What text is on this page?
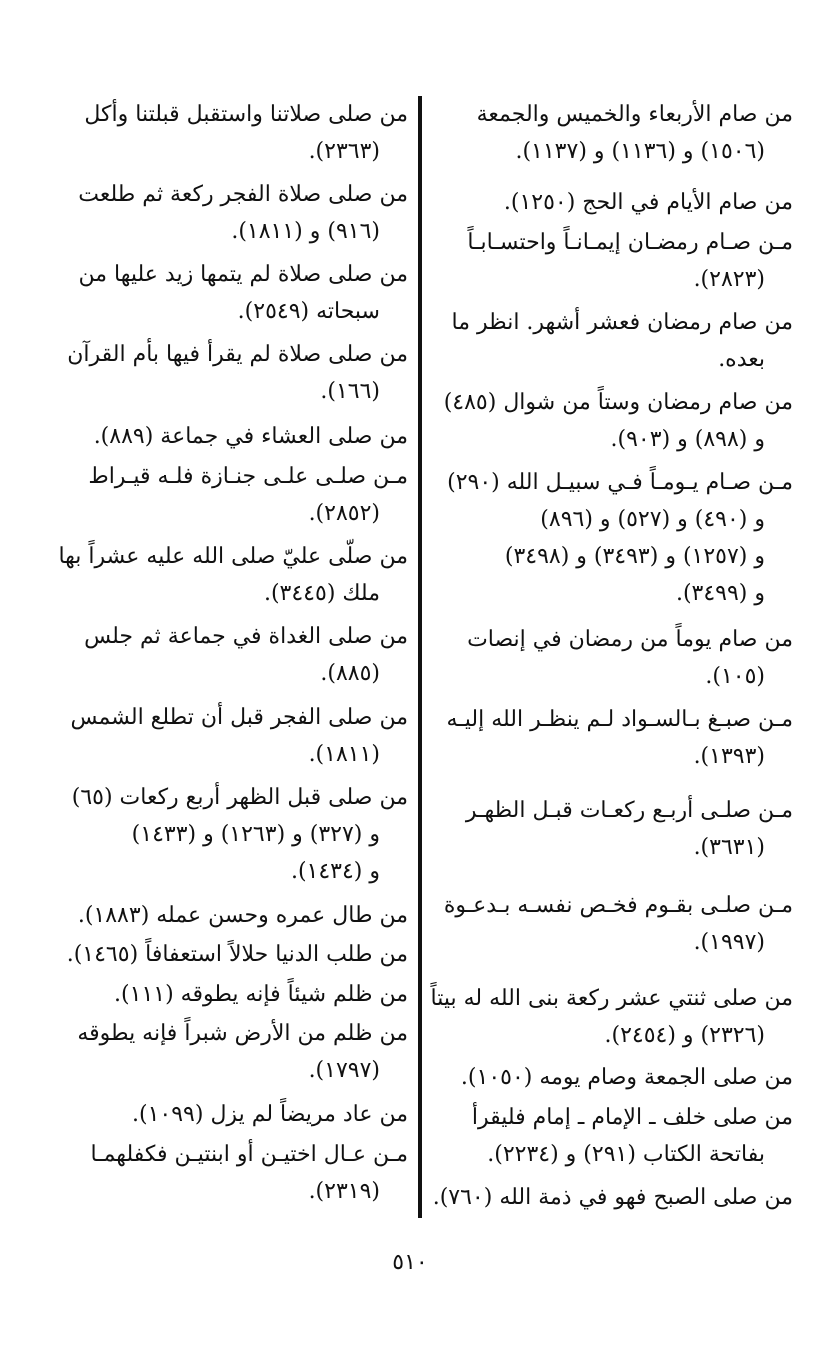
من صام الأربعاء والخميس والجمعة
(١٥٠٦) و (١١٣٦) و (١١٣٧).
من صام الأيام في الحج (١٢٥٠).
مـن صـام رمضـان إيمـانـاً واحتسـابـاً
(٢٨٢٣).
من صام رمضان فعشر أشهر. انظر ما
بعده.
من صام رمضان وستاً من شوال (٤٨٥)
و (٨٩٨) و (٩٠٣).
مـن صـام يـومـاً فـي سبيـل الله (٢٩٠)
و (٤٩٠) و (٥٢٧) و (٨٩٦)
و (١٢٥٧) و (٣٤٩٣) و (٣٤٩٨)
و (٣٤٩٩).
من صام يوماً من رمضان في إنصات
(١٠٥).
مـن صبـغ بـالسـواد لـم ينظـر الله إليـه
(١٣٩٣).
مـن صلـى أربـع ركعـات قبـل الظهـر
(٣٦٣١).
مـن صلـى بقـوم فخـص نفسـه بـدعـوة
(١٩٩٧).
من صلى ثنتي عشر ركعة بنى الله له بيتاً
(٢٣٢٦) و (٢٤٥٤).
من صلى الجمعة وصام يومه (١٠٥٠).
من صلى خلف ـ الإمام ـ إمام فليقرأ
بفاتحة الكتاب (٢٩١) و (٢٢٣٤).
من صلى الصبح فهو في ذمة الله (٧٦٠).
من صلى صلاتنا واستقبل قبلتنا وأكل
(٢٣٦٣).
من صلى صلاة الفجر ركعة ثم طلعت
(٩١٦) و (١٨١١).
من صلى صلاة لم يتمها زيد عليها من
سبحاته (٢٥٤٩).
من صلى صلاة لم يقرأ فيها بأم القرآن
(١٦٦).
من صلى العشاء في جماعة (٨٨٩).
مـن صلـى علـى جنـازة فلـه قيـراط
(٢٨٥٢).
من صلّى عليّ صلى الله عليه عشراً بها
ملك (٣٤٤٥).
من صلى الغداة في جماعة ثم جلس
(٨٨٥).
من صلى الفجر قبل أن تطلع الشمس
(١٨١١).
من صلى قبل الظهر أربع ركعات (٦٥)
و (٣٢٧) و (١٢٦٣) و (١٤٣٣)
و (١٤٣٤).
من طال عمره وحسن عمله (١٨٨٣).
من طلب الدنيا حلالاً استعفافاً (١٤٦٥).
من ظلم شيئاً فإنه يطوقه (١١١).
من ظلم من الأرض شبراً فإنه يطوقه
(١٧٩٧).
من عاد مريضاً لم يزل (١٠٩٩).
مـن عـال اختيـن أو ابنتيـن فكفلهمـا
(٢٣١٩).
٥١٠
